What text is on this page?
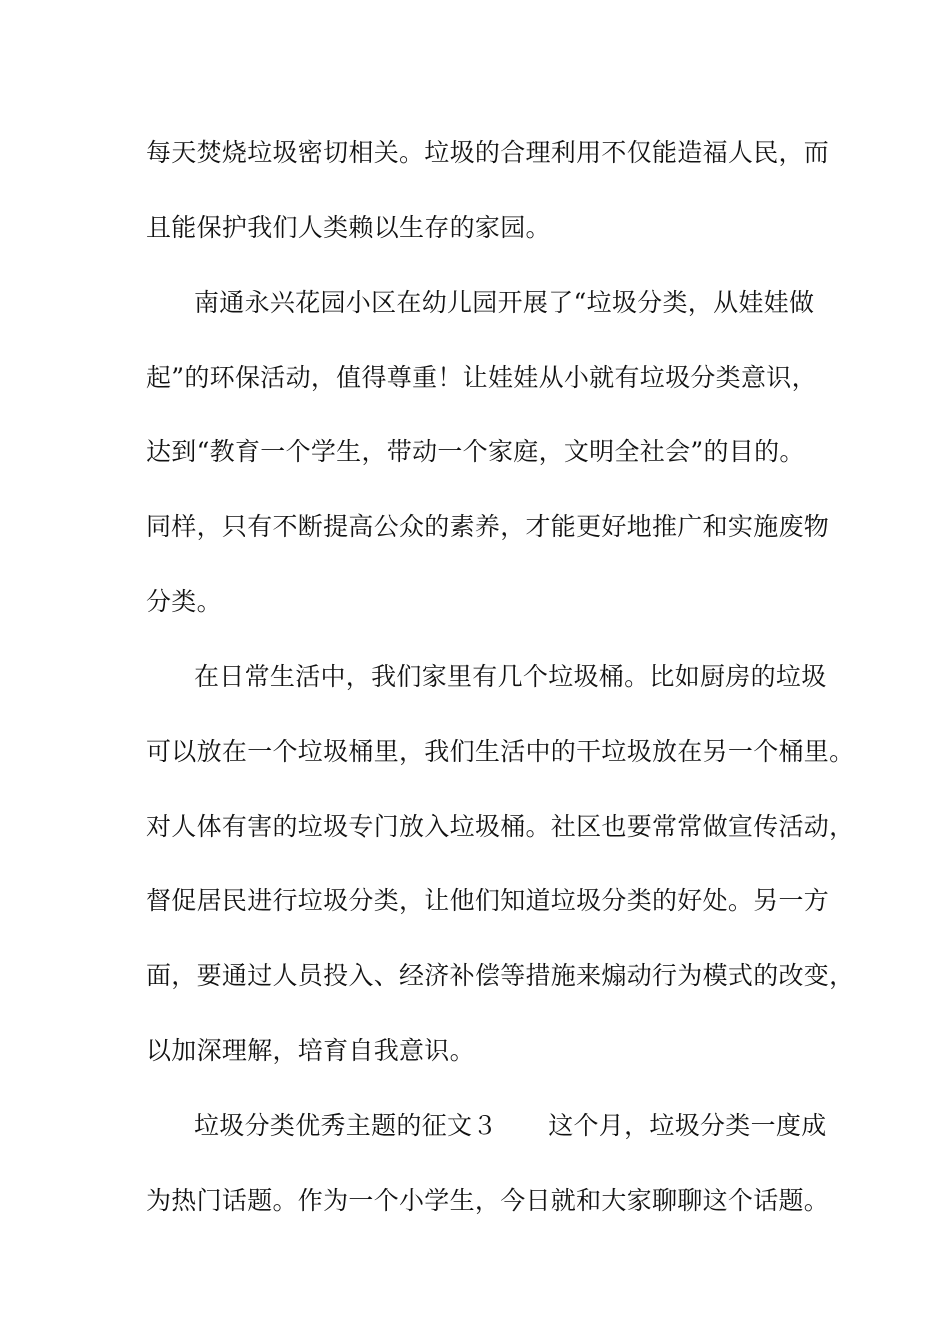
每天焚烧垃圾密切相关。垃圾的合理利用不仅能造福人民，而
且能保护我们人类赖以生存的家园。
南通永兴花园小区在幼儿园开展了“垃圾分类，从娃娃做
起”的环保活动，值得尊重！让娃娃从小就有垃圾分类意识，
达到“教育一个学生，带动一个家庭，文明全社会”的目的。
同样，只有不断提高公众的素养，才能更好地推广和实施废物
分类。
在日常生活中，我们家里有几个垃圾桶。比如厨房的垃圾
可以放在一个垃圾桶里，我们生活中的干垃圾放在另一个桶里。
对人体有害的垃圾专门放入垃圾桶。社区也要常常做宣传活动，
督促居民进行垃圾分类，让他们知道垃圾分类的好处。另一方
面，要通过人员投入、经济补偿等措施来煽动行为模式的改变，
以加深理解，培育自我意识。
垃圾分类优秀主题的征文３　　这个月，垃圾分类一度成
为热门话题。作为一个小学生，今日就和大家聊聊这个话题。
